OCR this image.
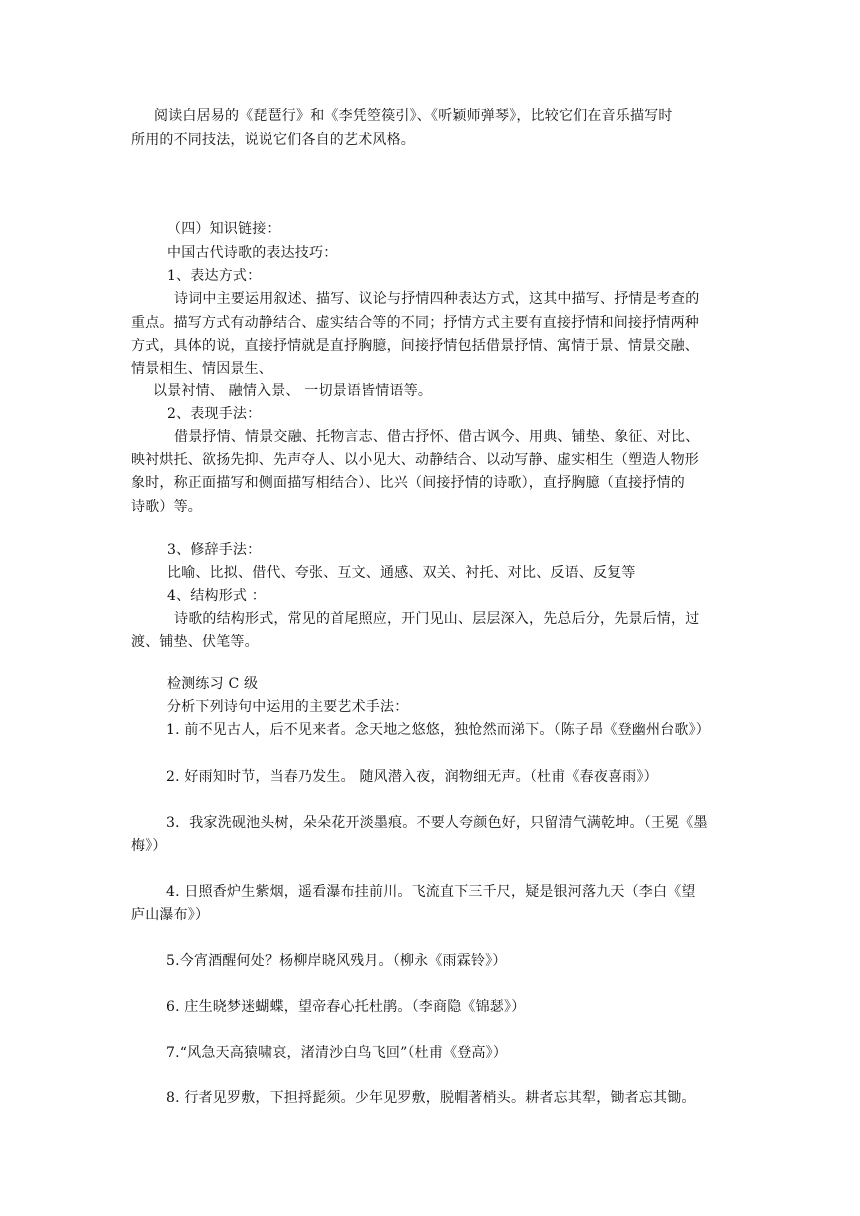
阅读白居易的《琵琶行》和《李凭箜篌引》、《听颖师弹琴》，比较它们在音乐描写时
所用的不同技法，说说它们各自的艺术风格。
（四）知识链接：
中国古代诗歌的表达技巧：
1、表达方式：
诗词中主要运用叙述、描写、议论与抒情四种表达方式，这其中描写、抒情是考查的
重点。描写方式有动静结合、虚实结合等的不同；抒情方式主要有直接抒情和间接抒情两种
方式，具体的说，直接抒情就是直抒胸臆，间接抒情包括借景抒情、寓情于景、情景交融、
情景相生、情因景生、
以景衬情、 融情入景、 一切景语皆情语等。
2、表现手法：
借景抒情、情景交融、托物言志、借古抒怀、借古讽今、用典、铺垫、象征、对比、
映衬烘托、欲扬先抑、先声夺人、以小见大、动静结合、以动写静、虚实相生（塑造人物形
象时，称正面描写和侧面描写相结合）、比兴（间接抒情的诗歌），直抒胸臆（直接抒情的
诗歌）等。
3、修辞手法：
比喻、比拟、借代、夸张、互文、通感、双关、衬托、对比、反语、反复等
4、结构形式 ：
诗歌的结构形式，常见的首尾照应，开门见山、层层深入，先总后分，先景后情，过
渡、铺垫、伏笔等。
检测练习 C 级
分析下列诗句中运用的主要艺术手法：
1. 前不见古人，后不见来者。念天地之悠悠，独怆然而涕下。（陈子昂《登幽州台歌》）
2. 好雨知时节，当春乃发生。 随风潜入夜，润物细无声。（杜甫《春夜喜雨》）
3．我家洗砚池头树，朵朵花开淡墨痕。不要人夸颜色好，只留清气满乾坤。（王冕《墨
梅》）
4. 日照香炉生紫烟，遥看瀑布挂前川。飞流直下三千尺，疑是银河落九天（李白《望
庐山瀑布》）
5.今宵酒醒何处？杨柳岸晓风残月。（柳永《雨霖铃》）
6. 庄生晓梦迷蝴蝶，望帝春心托杜鹃。（李商隐《锦瑟》）
7.“风急天高猿啸哀，渚清沙白鸟飞回”（杜甫《登高》）
8. 行者见罗敷，下担捋髭须。少年见罗敷，脱帽著梢头。耕者忘其犁，锄者忘其锄。
